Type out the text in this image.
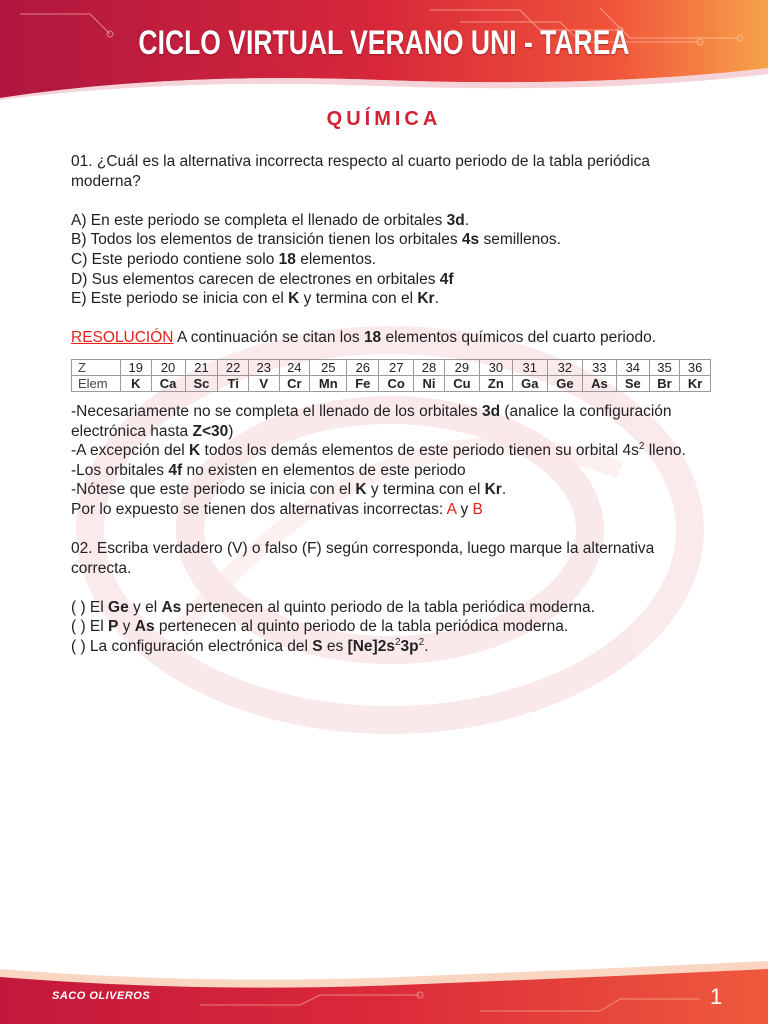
CICLO VIRTUAL VERANO UNI - TAREA
QUÍMICA

01. ¿Cuál es la alternativa incorrecta respecto al cuarto periodo de la tabla periódica moderna?

A) En este periodo se completa el llenado de orbitales 3d.

B) Todos los elementos de transición tienen los orbitales 4s semillenos.

C) Este periodo contiene solo 18 elementos.

D) Sus elementos carecen de electrones en orbitales 4f

E) Este periodo se inicia con el K y termina con el Kr.

RESOLUCIÓN A continuación se citan los 18 elementos químicos del cuarto periodo.

Z	19	20	21	22	23	24	25	26	27	28	29	30	31	32	33	34	35	36
Elem	K	Ca	Sc	Ti	V	Cr	Mn	Fe	Co	Ni	Cu	Zn	Ga	Ge	As	Se	Br	Kr

-Necesariamente no se completa el llenado de los orbitales 3d (analice la configuración electrónica hasta Z<30)

-A excepción del K todos los demás elementos de este periodo tienen su orbital $4s^2$ lleno.

-Los orbitales 4f no existen en elementos de este periodo

-Nótese que este periodo se inicia con el K y termina con el Kr.

Por lo expuesto se tienen dos alternativas incorrectas: A y B

02. Escriba verdadero (V) o falso (F) según corresponda, luego marque la alternativa correcta.

( ) El Ge y el As pertenecen al quinto periodo de la tabla periódica moderna.

( ) El P y As pertenecen al quinto periodo de la tabla periódica moderna.

( ) La configuración electrónica del S es $[Ne]2s^23p^2$.

SACO OLIVEROS	1
